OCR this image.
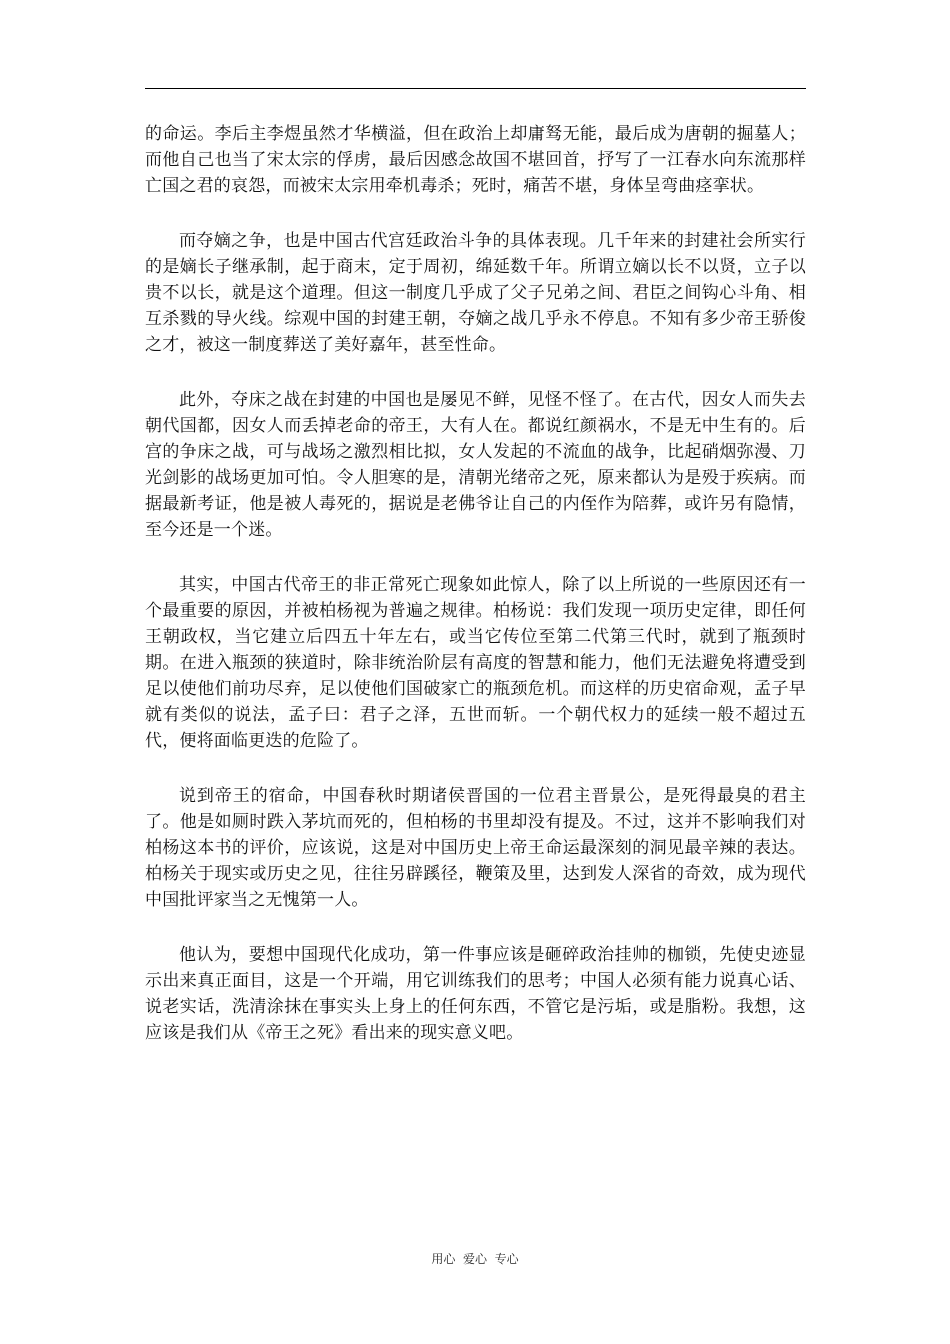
的命运。李后主李煜虽然才华横溢，但在政治上却庸驽无能，最后成为唐朝的掘墓人；而他自己也当了宋太宗的俘虏，最后因感念故国不堪回首，抒写了一江春水向东流那样亡国之君的哀怨，而被宋太宗用牵机毒杀；死时，痛苦不堪，身体呈弯曲痉挛状。

而夺嫡之争，也是中国古代宫廷政治斗争的具体表现。几千年来的封建社会所实行的是嫡长子继承制，起于商末，定于周初，绵延数千年。所谓立嫡以长不以贤，立子以贵不以长，就是这个道理。但这一制度几乎成了父子兄弟之间、君臣之间钩心斗角、相互杀戮的导火线。综观中国的封建王朝，夺嫡之战几乎永不停息。不知有多少帝王骄俊之才，被这一制度葬送了美好嘉年，甚至性命。

此外，夺床之战在封建的中国也是屡见不鲜，见怪不怪了。在古代，因女人而失去朝代国都，因女人而丢掉老命的帝王，大有人在。都说红颜祸水，不是无中生有的。后宫的争床之战，可与战场之激烈相比拟，女人发起的不流血的战争，比起硝烟弥漫、刀光剑影的战场更加可怕。令人胆寒的是，清朝光绪帝之死，原来都认为是殁于疾病。而据最新考证，他是被人毒死的，据说是老佛爷让自己的内侄作为陪葬，或许另有隐情，至今还是一个迷。

其实，中国古代帝王的非正常死亡现象如此惊人，除了以上所说的一些原因还有一个最重要的原因，并被柏杨视为普遍之规律。柏杨说：我们发现一项历史定律，即任何王朝政权，当它建立后四五十年左右，或当它传位至第二代第三代时，就到了瓶颈时期。在进入瓶颈的狭道时，除非统治阶层有高度的智慧和能力，他们无法避免将遭受到足以使他们前功尽弃，足以使他们国破家亡的瓶颈危机。而这样的历史宿命观，孟子早就有类似的说法，孟子曰：君子之泽，五世而斩。一个朝代权力的延续一般不超过五代，便将面临更迭的危险了。

说到帝王的宿命，中国春秋时期诸侯晋国的一位君主晋景公，是死得最臭的君主了。他是如厕时跌入茅坑而死的，但柏杨的书里却没有提及。不过，这并不影响我们对柏杨这本书的评价，应该说，这是对中国历史上帝王命运最深刻的洞见最辛辣的表达。柏杨关于现实或历史之见，往往另辟蹊径，鞭策及里，达到发人深省的奇效，成为现代中国批评家当之无愧第一人。

他认为，要想中国现代化成功，第一件事应该是砸碎政治挂帅的枷锁，先使史迹显示出来真正面目，这是一个开端，用它训练我们的思考；中国人必须有能力说真心话、说老实话，洗清涂抹在事实头上身上的任何东西，不管它是污垢，或是脂粉。我想，这应该是我们从《帝王之死》看出来的现实意义吧。

用心  爱心  专心
